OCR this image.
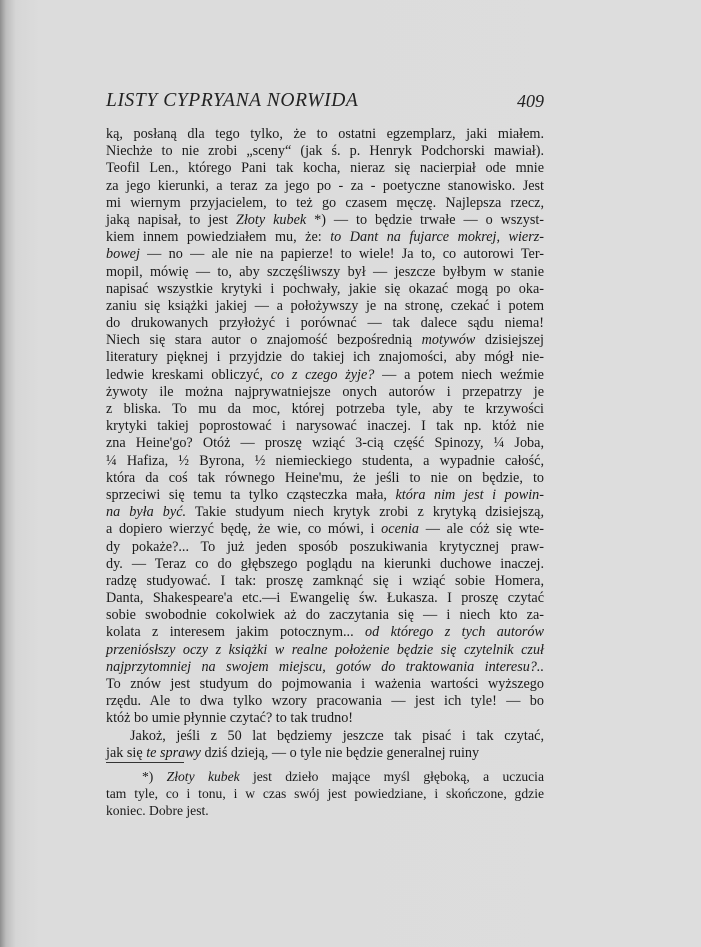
LISTY CYPRYANA NORWIDA	409
ką, posłaną dla tego tylko, że to ostatni egzemplarz, jaki miałem.
Niechże to nie zrobi „sceny“ (jak ś. p. Henryk Podchorski mawiał).
Teofil Len., którego Pani tak kocha, nieraz się nacierpiał ode mnie
za jego kierunki, a teraz za jego po - za - poetyczne stanowisko. Jest
mi wiernym przyjacielem, to też go czasem męczę. Najlepsza rzecz,
jaką napisał, to jest Złoty kubek *) — to będzie trwałe — o wszyst-
kiem innem powiedziałem mu, że: to Dant na fujarce mokrej, wierz-
bowej — no — ale nie na papierze! to wiele! Ja to, co autorowi Ter-
mopil, mówię — to, aby szczęśliwszy był — jeszcze byłbym w stanie
napisać wszystkie krytyki i pochwały, jakie się okazać mogą po oka-
zaniu się książki jakiej — a położywszy je na stronę, czekać i potem
do drukowanych przyłożyć i porównać — tak dalece sądu niema!
Niech się stara autor o znajomość bezpośrednią motywów dzisiejszej
literatury pięknej i przyjdzie do takiej ich znajomości, aby mógł nie-
ledwie kreskami obliczyć, co z czego żyje? — a potem niech weźmie
żywoty ile można najprywatniejsze onych autorów i przepatrzy je
z bliska. To mu da moc, której potrzeba tyle, aby te krzywości
krytyki takiej poprostować i narysować inaczej. I tak np. któż nie
zna Heine'go? Otóż — proszę wziąć 3-cią część Spinozy, ¼ Joba,
¼ Hafiza, ½ Byrona, ½ niemieckiego studenta, a wypadnie całość,
która da coś tak równego Heine'mu, że jeśli to nie on będzie, to
sprzeciwi się temu ta tylko cząsteczka mała, która nim jest i powin-
na była być. Takie studyum niech krytyk zrobi z krytyką dzisiejszą,
a dopiero wierzyć będę, że wie, co mówi, i ocenia — ale cóż się wte-
dy pokaże?... To już jeden sposób poszukiwania krytycznej praw-
dy. — Teraz co do głębszego poglądu na kierunki duchowe inaczej.
radzę studyować. I tak: proszę zamknąć się i wziąć sobie Homera,
Danta, Shakespeare'a etc.—i Ewangelię św. Łukasza. I proszę czytać
sobie swobodnie cokolwiek aż do zaczytania się — i niech kto za-
kolata z interesem jakim potocznym... od którego z tych autorów
przeniósłszy oczy z książki w realne położenie będzie się czytelnik czuł
najprzytomniej na swojem miejscu, gotów do traktowania interesu?..
To znów jest studyum do pojmowania i ważenia wartości wyższego
rzędu. Ale to dwa tylko wzory pracowania — jest ich tyle! — bo
któż bo umie płynnie czytać? to tak trudno!
Jakoż, jeśli z 50 lat będziemy jeszcze tak pisać i tak czytać,
jak się te sprawy dziś dzieją, — o tyle nie będzie generalnej ruiny
*) Złoty kubek jest dzieło mające myśl głęboką, a uczucia
tam tyle, co i tonu, i w czas swój jest powiedziane, i skończone, gdzie
koniec. Dobre jest.
